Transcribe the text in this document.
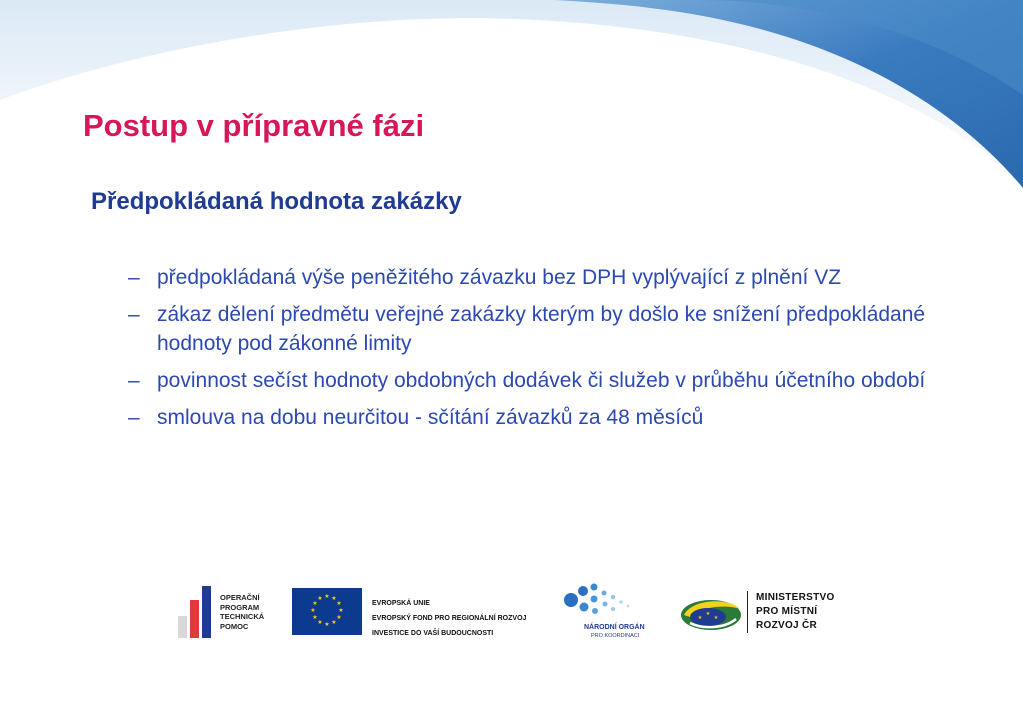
Postup v přípravné fázi
Předpokládaná hodnota zakázky
– předpokládaná výše peněžitého závazku bez DPH vyplývající z plnění VZ
– zákaz dělení předmětu veřejné zakázky kterým by došlo ke snížení předpokládané hodnoty pod zákonné limity
– povinnost sečíst hodnoty obdobných dodávek či služeb v průběhu účetního období
– smlouva na dobu neurčitou - sčítání závazků za 48 měsíců
OPERAČNÍ
PROGRAM
TECHNICKÁ
POMOC
★ ★
★
★
★
★
★
★
★
★
★
★
EVROPSKÁ UNIE
EVROPSKÝ FOND PRO REGIONÁLNÍ ROZVOJ
INVESTICE DO VAŠÍ BUDOUCNOSTI
NÁRODNÍ ORGÁN
PRO KOORDINACI
★
★
★
MINISTERSTVO
PRO MÍSTNÍ
ROZVOJ ČR
